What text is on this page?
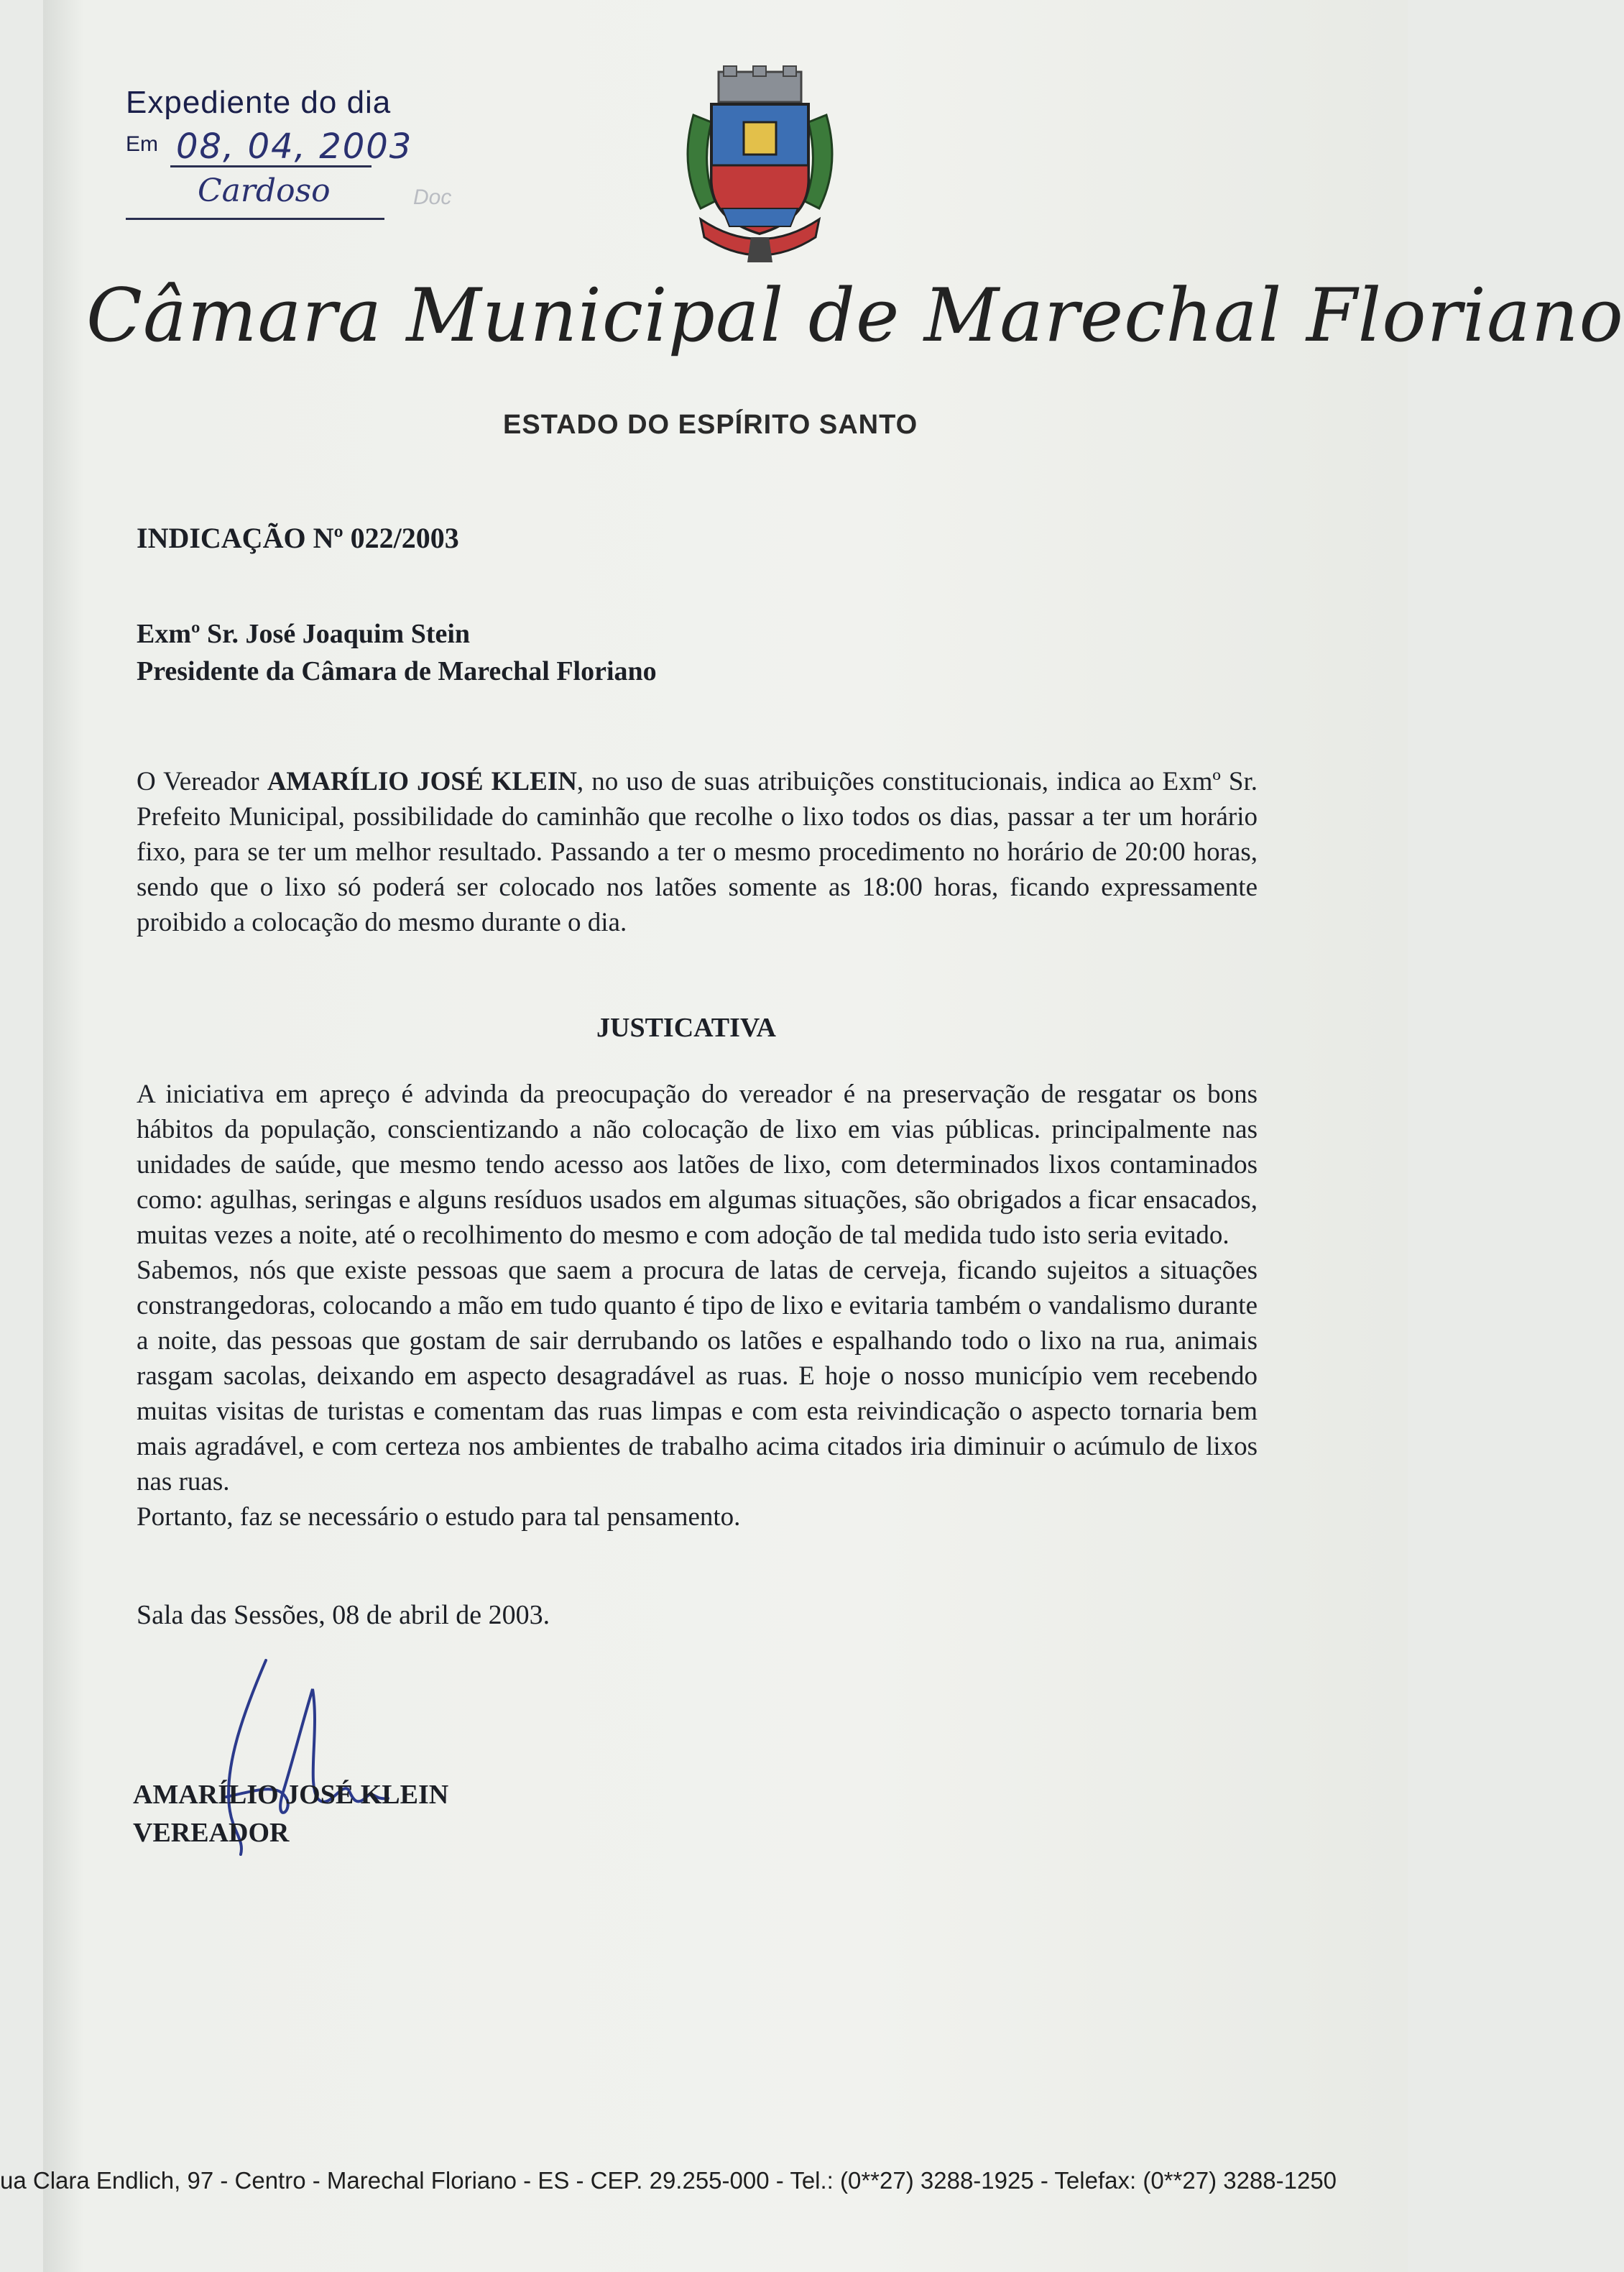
Expediente do dia
Em 08, 04, 2003
Cardoso	Doc
Câmara Municipal de Marechal Floriano
ESTADO DO ESPÍRITO SANTO
INDICAÇÃO Nº 022/2003
Exmº Sr. José Joaquim Stein
Presidente da Câmara de Marechal Floriano
O Vereador AMARÍLIO JOSÉ KLEIN, no uso de suas atribuições constitucionais, indica ao Exmº Sr. Prefeito Municipal, possibilidade do caminhão que recolhe o lixo todos os dias, passar a ter um horário fixo, para se ter um melhor resultado. Passando a ter o mesmo procedimento no horário de 20:00 horas, sendo que o lixo só poderá ser colocado nos latões somente as 18:00 horas, ficando expressamente proibido a colocação do mesmo durante o dia.
JUSTICATIVA
A iniciativa em apreço é advinda da preocupação do vereador é na preservação de resgatar os bons hábitos da população, conscientizando a não colocação de lixo em vias públicas. principalmente nas unidades de saúde, que mesmo tendo acesso aos latões de lixo, com determinados lixos contaminados como: agulhas, seringas e alguns resíduos usados em algumas situações, são obrigados a ficar ensacados, muitas vezes a noite, até o recolhimento do mesmo e com adoção de tal medida tudo isto seria evitado.
Sabemos, nós que existe pessoas que saem a procura de latas de cerveja, ficando sujeitos a situações constrangedoras, colocando a mão em tudo quanto é tipo de lixo e evitaria também o vandalismo durante a noite, das pessoas que gostam de sair derrubando os latões e espalhando todo o lixo na rua, animais rasgam sacolas, deixando em aspecto desagradável as ruas. E hoje o nosso município vem recebendo muitas visitas de turistas e comentam das ruas limpas e com esta reivindicação o aspecto tornaria bem mais agradável, e com certeza nos ambientes de trabalho acima citados iria diminuir o acúmulo de lixos nas ruas.
Portanto, faz se necessário o estudo para tal pensamento.
Sala das Sessões, 08 de abril de 2003.

AMARÍLIO JOSÉ KLEIN
VEREADOR
ua Clara Endlich, 97 - Centro - Marechal Floriano - ES - CEP. 29.255-000 - Tel.: (0**27) 3288-1925 - Telefax: (0**27) 3288-1250
